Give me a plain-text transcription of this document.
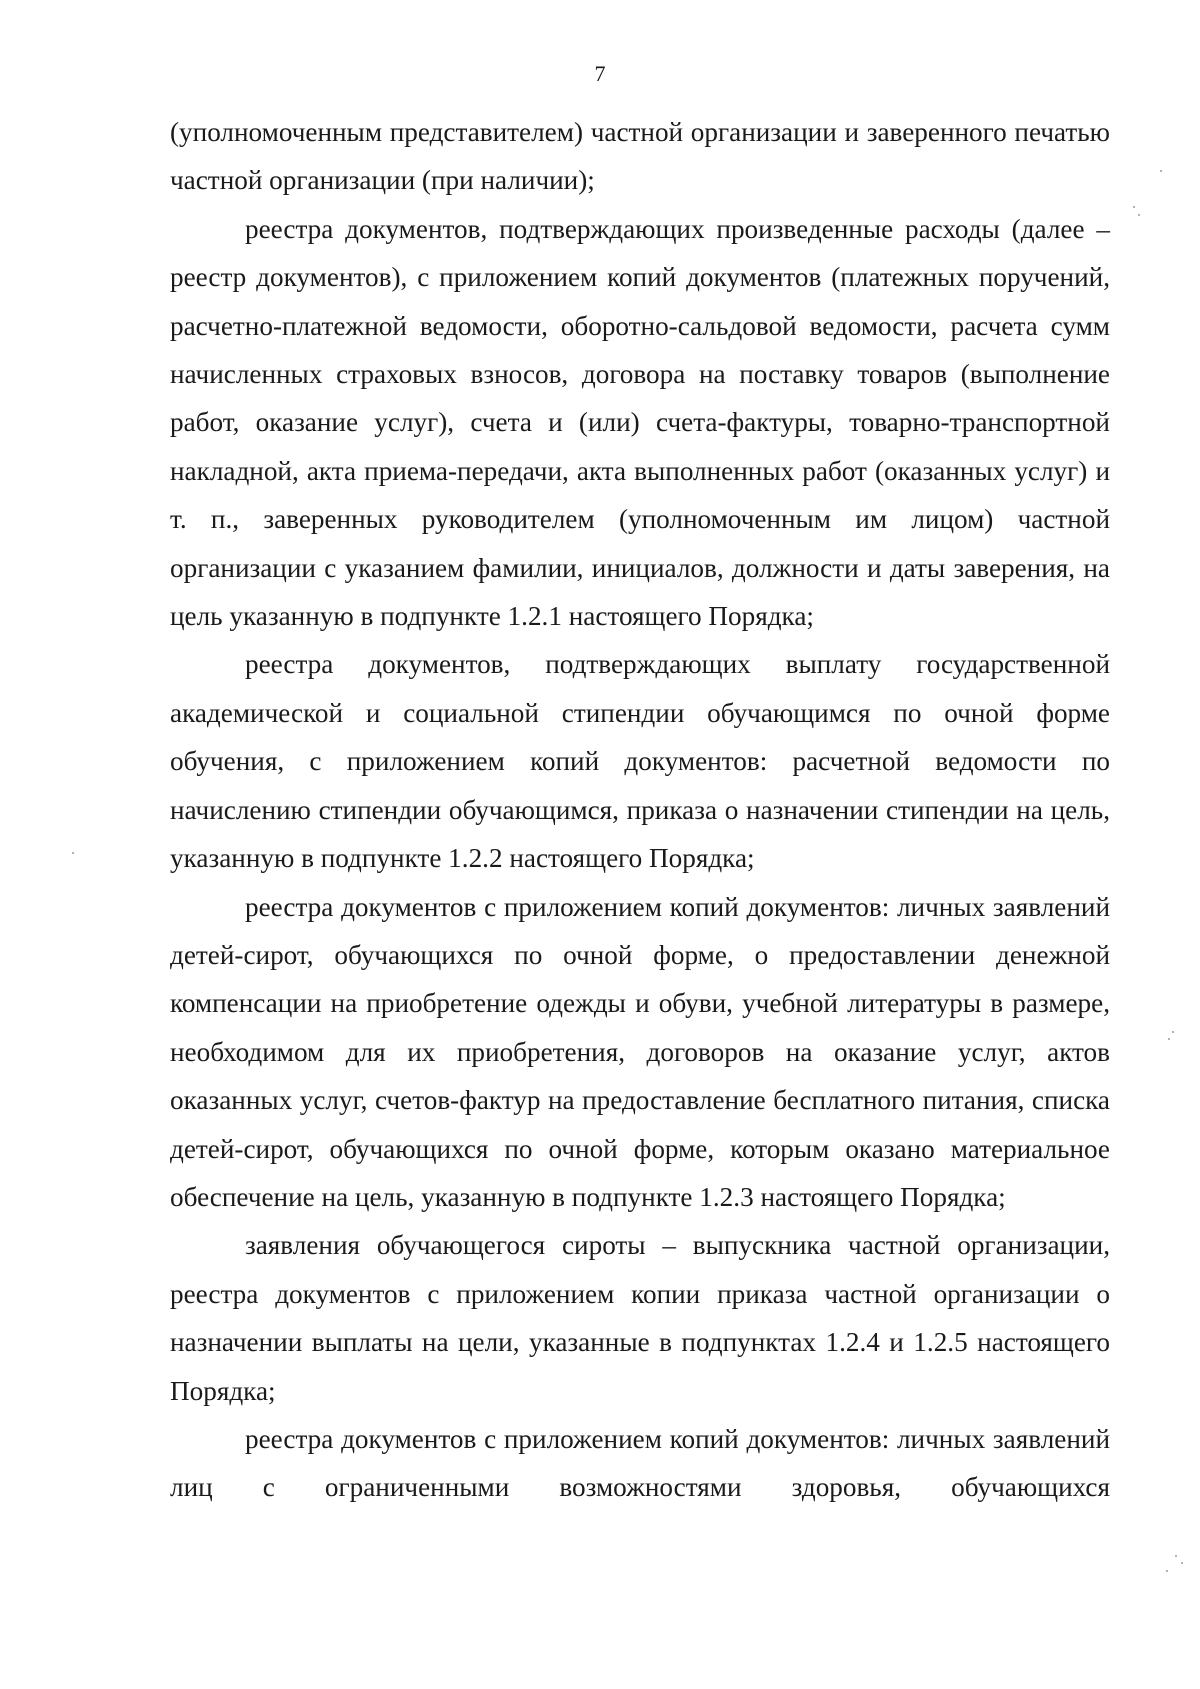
7

(уполномоченным представителем) частной организации и заверенного печатью частной организации (при наличии);

реестра документов, подтверждающих произведенные расходы (далее – реестр документов), с приложением копий документов (платежных поручений, расчетно-платежной ведомости, оборотно-сальдовой ведомости, расчета сумм начисленных страховых взносов, договора на поставку товаров (выполнение работ, оказание услуг), счета и (или) счета-фактуры, товарно-транспортной накладной, акта приема-передачи, акта выполненных работ (оказанных услуг) и т. п., заверенных руководителем (уполномоченным им лицом) частной организации с указанием фамилии, инициалов, должности и даты заверения, на цель указанную в подпункте 1.2.1 настоящего Порядка;

реестра документов, подтверждающих выплату государственной академической и социальной стипендии обучающимся по очной форме обучения, с приложением копий документов: расчетной ведомости по начислению стипендии обучающимся, приказа о назначении стипендии на цель, указанную в подпункте 1.2.2 настоящего Порядка;

реестра документов с приложением копий документов: личных заявлений детей-сирот, обучающихся по очной форме, о предоставлении денежной компенсации на приобретение одежды и обуви, учебной литературы в размере, необходимом для их приобретения, договоров на оказание услуг, актов оказанных услуг, счетов-фактур на предоставление бесплатного питания, списка детей-сирот, обучающихся по очной форме, которым оказано материальное обеспечение на цель, указанную в подпункте 1.2.3 настоящего Порядка;

заявления обучающегося сироты – выпускника частной организации, реестра документов с приложением копии приказа частной организации о назначении выплаты на цели, указанные в подпунктах 1.2.4 и 1.2.5 настоящего Порядка;

реестра документов с приложением копий документов: личных заявлений лиц с ограниченными возможностями здоровья, обучающихся
